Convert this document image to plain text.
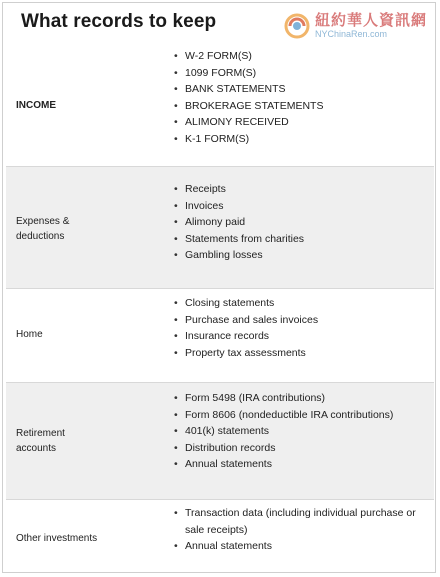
What records to keep	紐約華人資訊網
NYChinaRen.com
INCOME
• W-2 FORM(S)
• 1099 FORM(S)
• BANK STATEMENTS
• BROKERAGE STATEMENTS
• ALIMONY RECEIVED
• K-1 FORM(S)
Expenses & deductions
• Receipts
• Invoices
• Alimony paid
• Statements from charities
• Gambling losses
Home
• Closing statements
• Purchase and sales invoices
• Insurance records
• Property tax assessments
Retirement accounts
• Form 5498 (IRA contributions)
• Form 8606 (nondeductible IRA contributions)
• 401(k) statements
• Distribution records
• Annual statements
Other investments
• Transaction data (including individual purchase or sale receipts)
• Annual statements
